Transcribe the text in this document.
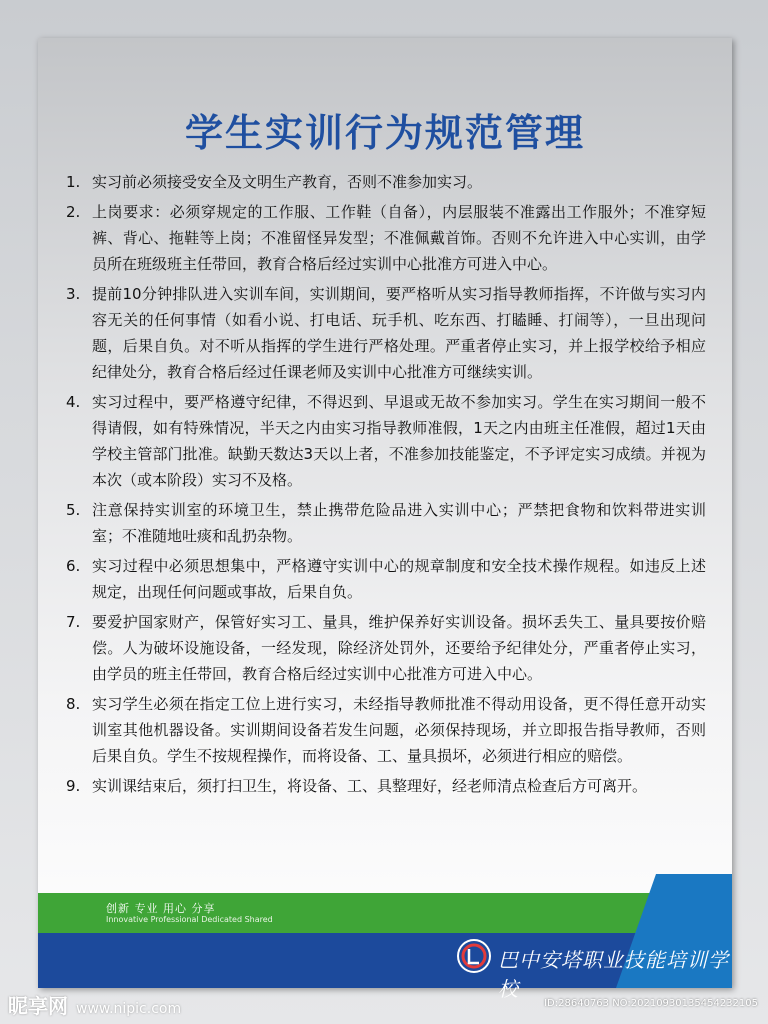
学生实训行为规范管理
1. 实习前必须接受安全及文明生产教育，否则不准参加实习。
2. 上岗要求：必须穿规定的工作服、工作鞋（自备），内层服装不准露出工作服外；不准穿短裤、背心、拖鞋等上岗；不准留怪异发型；不准佩戴首饰。否则不允许进入中心实训，由学员所在班级班主任带回，教育合格后经过实训中心批准方可进入中心。
3. 提前10分钟排队进入实训车间，实训期间，要严格听从实习指导教师指挥，不许做与实习内容无关的任何事情（如看小说、打电话、玩手机、吃东西、打瞌睡、打闹等），一旦出现问题，后果自负。对不听从指挥的学生进行严格处理。严重者停止实习，并上报学校给予相应纪律处分，教育合格后经过任课老师及实训中心批准方可继续实训。
4. 实习过程中，要严格遵守纪律，不得迟到、早退或无故不参加实习。学生在实习期间一般不得请假，如有特殊情况，半天之内由实习指导教师准假，1天之内由班主任准假，超过1天由学校主管部门批准。缺勤天数达3天以上者，不准参加技能鉴定，不予评定实习成绩。并视为本次（或本阶段）实习不及格。
5. 注意保持实训室的环境卫生，禁止携带危险品进入实训中心；严禁把食物和饮料带进实训室；不准随地吐痰和乱扔杂物。
6. 实习过程中必须思想集中，严格遵守实训中心的规章制度和安全技术操作规程。如违反上述规定，出现任何问题或事故，后果自负。
7. 要爱护国家财产，保管好实习工、量具，维护保养好实训设备。损坏丢失工、量具要按价赔偿。人为破坏设施设备，一经发现，除经济处罚外，还要给予纪律处分，严重者停止实习，由学员的班主任带回，教育合格后经过实训中心批准方可进入中心。
8. 实习学生必须在指定工位上进行实习，未经指导教师批准不得动用设备，更不得任意开动实训室其他机器设备。实训期间设备若发生问题，必须保持现场，并立即报告指导教师，否则后果自负。学生不按规程操作，而将设备、工、量具损坏，必须进行相应的赔偿。
9. 实训课结束后，须打扫卫生，将设备、工、具整理好，经老师清点检查后方可离开。
创新 专业 用心 分享
Innovative Professional Dedicated Shared
巴中安塔职业技能培训学校
昵享网 www.nipic.com	ID:28640763 NO:20210930135454232105
